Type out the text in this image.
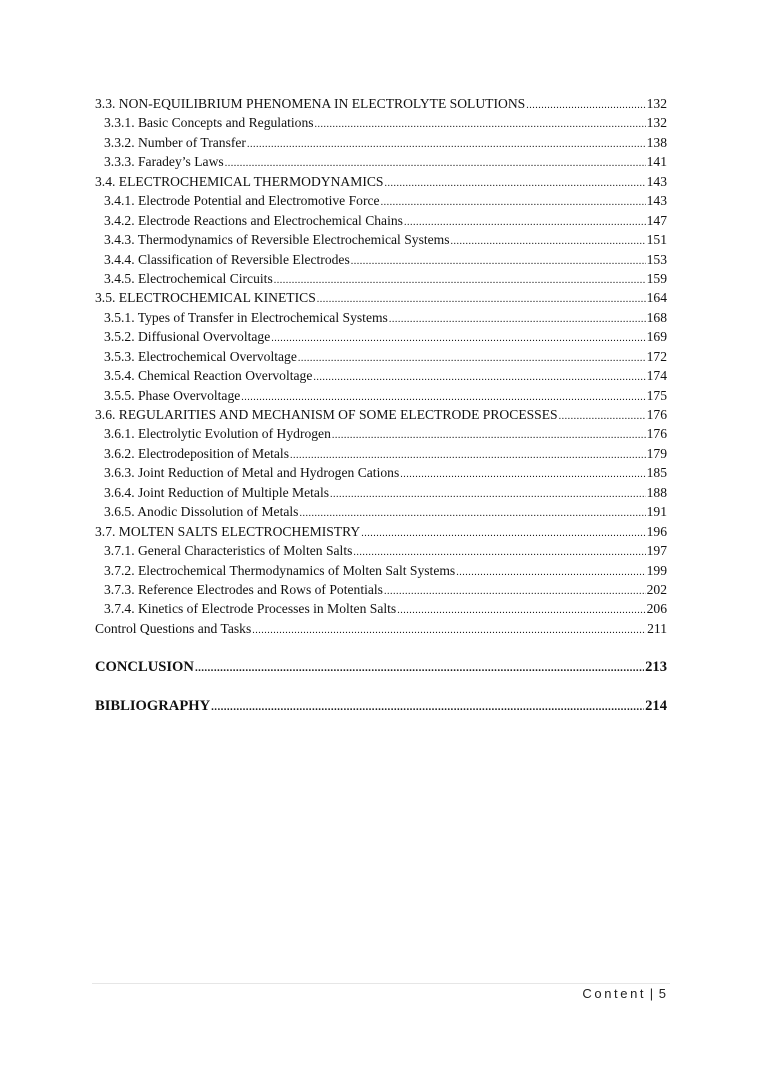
3.3. NON-EQUILIBRIUM PHENOMENA IN ELECTROLYTE SOLUTIONS .....	132
3.3.1. Basic Concepts and Regulations .....	132
3.3.2. Number of Transfer .....	138
3.3.3. Faradey’s Laws .....	141
3.4. ELECTROCHEMICAL THERMODYNAMICS .....	143
3.4.1. Electrode Potential and Electromotive Force .....	143
3.4.2. Electrode Reactions and Electrochemical Chains .....	147
3.4.3. Thermodynamics of Reversible Electrochemical Systems .....	151
3.4.4. Classification of Reversible Electrodes .....	153
3.4.5. Electrochemical Circuits .....	159
3.5. ELECTROCHEMICAL KINETICS .....	164
3.5.1. Types of Transfer in Electrochemical Systems .....	168
3.5.2. Diffusional Overvoltage .....	169
3.5.3. Electrochemical Overvoltage .....	172
3.5.4. Chemical Reaction Overvoltage .....	174
3.5.5. Phase Overvoltage .....	175
3.6. REGULARITIES AND MECHANISM OF SOME ELECTRODE PROCESSES .....	176
3.6.1. Electrolytic Evolution of Hydrogen .....	176
3.6.2. Electrodeposition of Metals .....	179
3.6.3. Joint Reduction of Metal and Hydrogen Cations .....	185
3.6.4. Joint Reduction of Multiple Metals .....	188
3.6.5. Anodic Dissolution of Metals .....	191
3.7. MOLTEN SALTS ELECTROCHEMISTRY .....	196
3.7.1. General Characteristics of Molten Salts .....	197
3.7.2. Electrochemical Thermodynamics of Molten Salt Systems .....	199
3.7.3. Reference Electrodes and Rows of Potentials .....	202
3.7.4. Kinetics of Electrode Processes in Molten Salts .....	206
Control Questions and Tasks .....	211
CONCLUSION .....	213
BIBLIOGRAPHY .....	214
Content | 5
